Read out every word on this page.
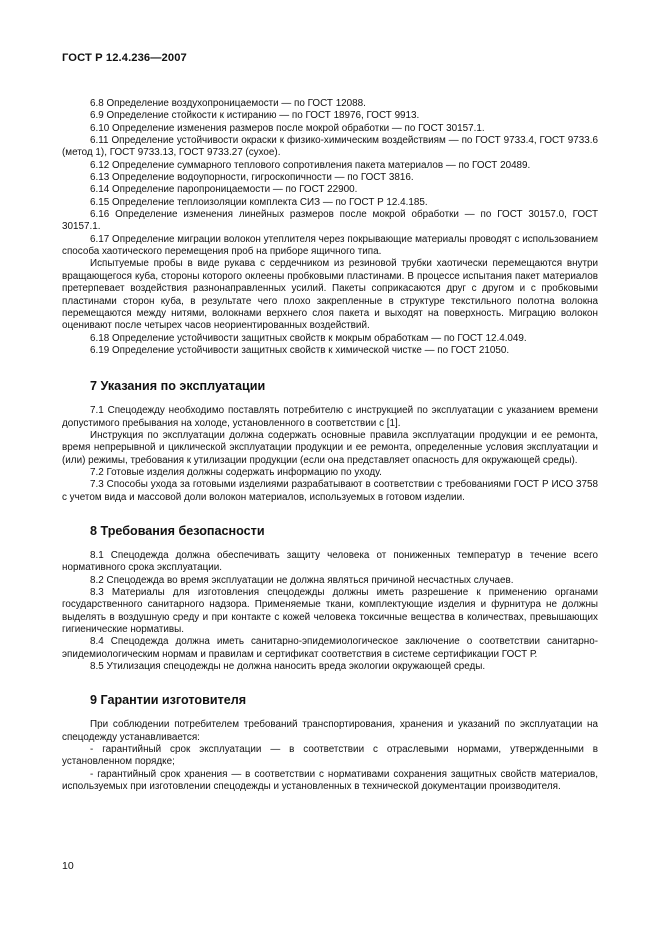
ГОСТ Р 12.4.236—2007

6.8 Определение воздухопроницаемости — по ГОСТ 12088.

6.9 Определение стойкости к истиранию — по ГОСТ 18976, ГОСТ 9913.

6.10 Определение изменения размеров после мокрой обработки — по ГОСТ 30157.1.

6.11 Определение устойчивости окраски к физико-химическим воздействиям — по ГОСТ 9733.4, ГОСТ 9733.6 (метод 1), ГОСТ 9733.13, ГОСТ 9733.27 (сухое).

6.12 Определение суммарного теплового сопротивления пакета материалов — по ГОСТ 20489.

6.13 Определение водоупорности, гигроскопичности — по ГОСТ 3816.

6.14 Определение паропроницаемости — по ГОСТ 22900.

6.15 Определение теплоизоляции комплекта СИЗ — по ГОСТ Р 12.4.185.

6.16 Определение изменения линейных размеров после мокрой обработки — по ГОСТ 30157.0, ГОСТ 30157.1.

6.17 Определение миграции волокон утеплителя через покрывающие материалы проводят с использованием способа хаотического перемещения проб на приборе ящичного типа.

Испытуемые пробы в виде рукава с сердечником из резиновой трубки хаотически перемещаются внутри вращающегося куба, стороны которого оклеены пробковыми пластинами. В процессе испытания пакет материалов претерпевает воздействия разнонаправленных усилий. Пакеты соприкасаются друг с другом и с пробковыми пластинами сторон куба, в результате чего плохо закрепленные в структуре текстильного полотна волокна перемещаются между нитями, волокнами верхнего слоя пакета и выходят на поверхность. Миграцию волокон оценивают после четырех часов неориентированных воздействий.

6.18 Определение устойчивости защитных свойств к мокрым обработкам — по ГОСТ 12.4.049.

6.19 Определение устойчивости защитных свойств к химической чистке — по ГОСТ 21050.

7 Указания по эксплуатации

7.1 Спецодежду необходимо поставлять потребителю с инструкцией по эксплуатации с указанием времени допустимого пребывания на холоде, установленного в соответствии с [1].

Инструкция по эксплуатации должна содержать основные правила эксплуатации продукции и ее ремонта, время непрерывной и циклической эксплуатации продукции и ее ремонта, определенные условия эксплуатации и (или) режимы, требования к утилизации продукции (если она представляет опасность для окружающей среды).

7.2 Готовые изделия должны содержать информацию по уходу.

7.3 Способы ухода за готовыми изделиями разрабатывают в соответствии с требованиями ГОСТ Р ИСО 3758 с учетом вида и массовой доли волокон материалов, используемых в готовом изделии.

8 Требования безопасности

8.1 Спецодежда должна обеспечивать защиту человека от пониженных температур в течение всего нормативного срока эксплуатации.

8.2 Спецодежда во время эксплуатации не должна являться причиной несчастных случаев.

8.3 Материалы для изготовления спецодежды должны иметь разрешение к применению органами государственного санитарного надзора. Применяемые ткани, комплектующие изделия и фурнитура не должны выделять в воздушную среду и при контакте с кожей человека токсичные вещества в количествах, превышающих гигиенические нормативы.

8.4 Спецодежда должна иметь санитарно-эпидемиологическое заключение о соответствии санитарно-эпидемиологическим нормам и правилам и сертификат соответствия в системе сертификации ГОСТ Р.

8.5 Утилизация спецодежды не должна наносить вреда экологии окружающей среды.

9 Гарантии изготовителя

При соблюдении потребителем требований транспортирования, хранения и указаний по эксплуатации на спецодежду устанавливается:

- гарантийный срок эксплуатации — в соответствии с отраслевыми нормами, утвержденными в установленном порядке;

- гарантийный срок хранения — в соответствии с нормативами сохранения защитных свойств материалов, используемых при изготовлении спецодежды и установленных в технической документации производителя.

10
